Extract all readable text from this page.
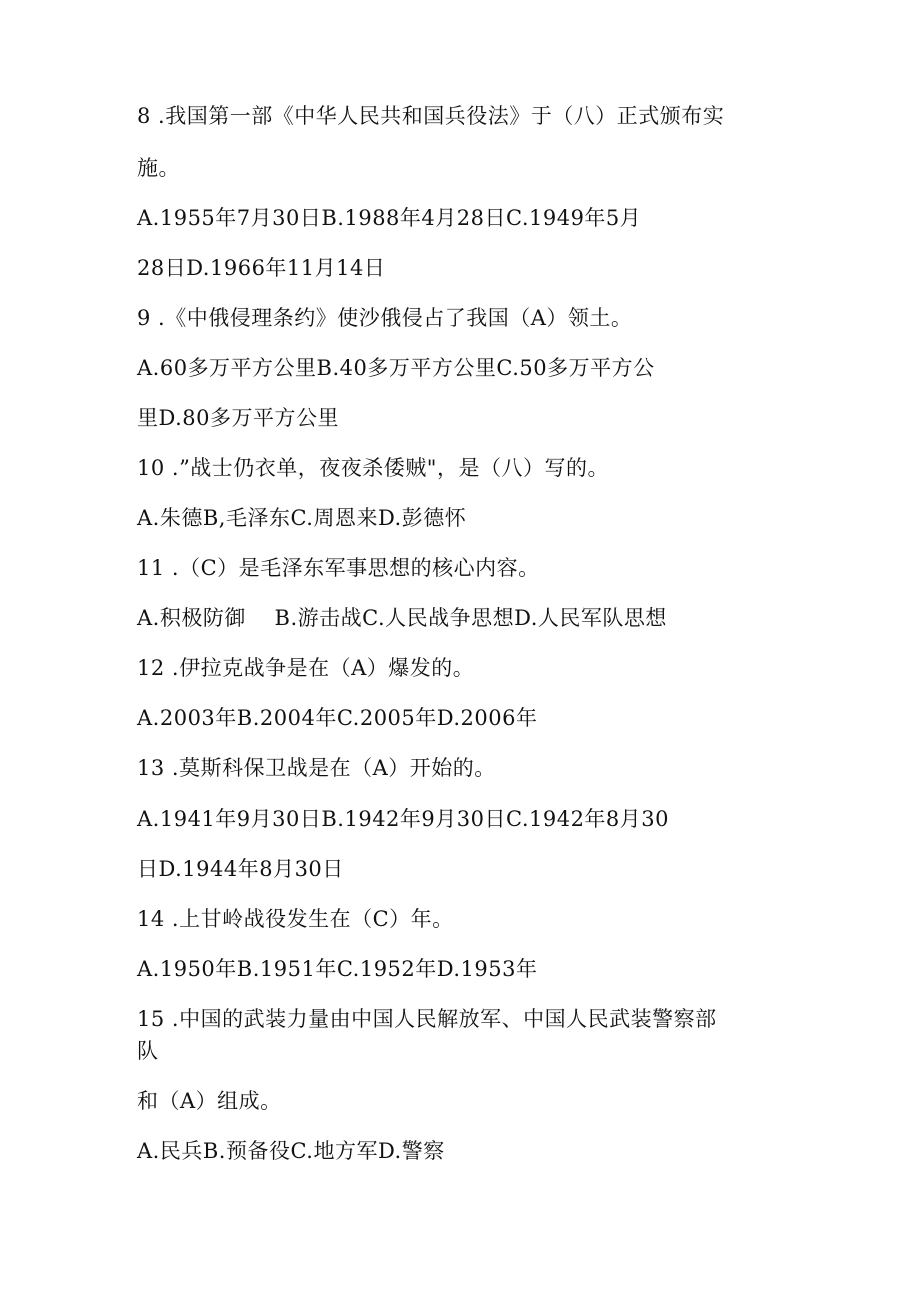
8 .我国第一部《中华人民共和国兵役法》于（八）正式颁布实
施。
A.1955年7月30日B.1988年4月28日C.1949年5月
28日D.1966年11月14日
9 .《中俄侵理条约》使沙俄侵占了我国（A）领土。
A.60多万平方公里B.40多万平方公里C.50多万平方公
里D.80多万平方公里
10 .”战士仍衣单，夜夜杀倭贼"，是（八）写的。
A.朱德B,毛泽东C.周恩来D.彭德怀
11 .（C）是毛泽东军事思想的核心内容。
A.积极防御    B.游击战C.人民战争思想D.人民军队思想
12 .伊拉克战争是在（A）爆发的。
A.2003年B.2004年C.2005年D.2006年
13 .莫斯科保卫战是在（A）开始的。
A.1941年9月30日B.1942年9月30日C.1942年8月30
日D.1944年8月30日
14 .上甘岭战役发生在（C）年。
A.1950年B.1951年C.1952年D.1953年
15 .中国的武装力量由中国人民解放军、中国人民武装警察部
队
和（A）组成。
A.民兵B.预备役C.地方军D.警察
